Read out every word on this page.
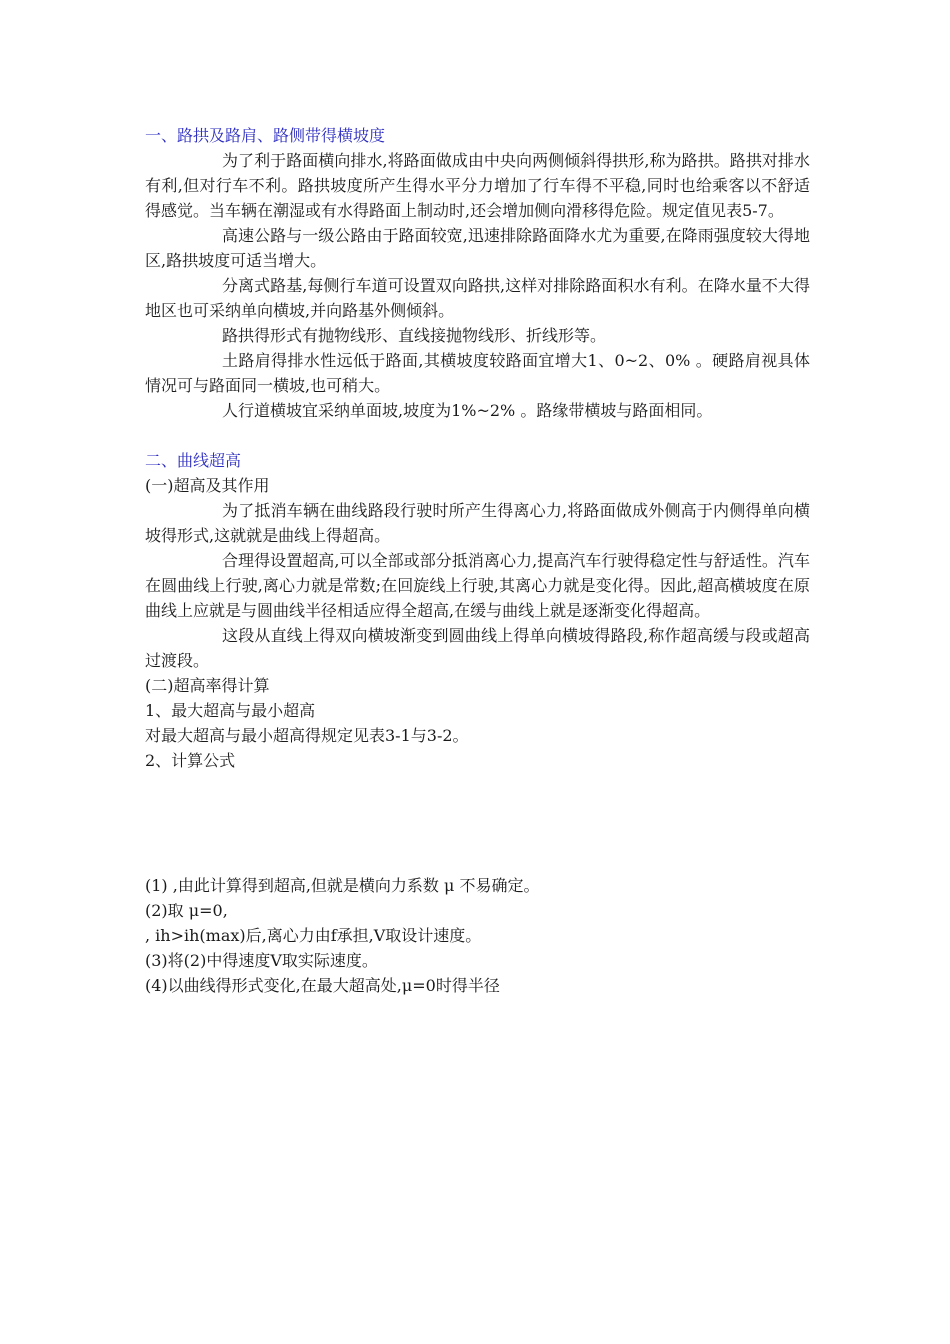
一、路拱及路肩、路侧带得横坡度

为了利于路面横向排水,将路面做成由中央向两侧倾斜得拱形,称为路拱。路拱对排水有利,但对行车不利。路拱坡度所产生得水平分力增加了行车得不平稳,同时也给乘客以不舒适得感觉。当车辆在潮湿或有水得路面上制动时,还会增加侧向滑移得危险。规定值见表5-7。

高速公路与一级公路由于路面较宽,迅速排除路面降水尤为重要,在降雨强度较大得地区,路拱坡度可适当增大。

分离式路基,每侧行车道可设置双向路拱,这样对排除路面积水有利。在降水量不大得地区也可采纳单向横坡,并向路基外侧倾斜。

路拱得形式有抛物线形、直线接抛物线形、折线形等。

土路肩得排水性远低于路面,其横坡度较路面宜增大1、0~2、0% 。硬路肩视具体情况可与路面同一横坡,也可稍大。

人行道横坡宜采纳单面坡,坡度为1%~2% 。路缘带横坡与路面相同。

二、曲线超高

(一)超高及其作用

为了抵消车辆在曲线路段行驶时所产生得离心力,将路面做成外侧高于内侧得单向横坡得形式,这就就是曲线上得超高。

合理得设置超高,可以全部或部分抵消离心力,提高汽车行驶得稳定性与舒适性。汽车在圆曲线上行驶,离心力就是常数;在回旋线上行驶,其离心力就是变化得。因此,超高横坡度在原曲线上应就是与圆曲线半径相适应得全超高,在缓与曲线上就是逐渐变化得超高。

这段从直线上得双向横坡渐变到圆曲线上得单向横坡得路段,称作超高缓与段或超高过渡段。

(二)超高率得计算

1、最大超高与最小超高

对最大超高与最小超高得规定见表3-1与3-2。

2、计算公式

(1) ,由此计算得到超高,但就是横向力系数 μ 不易确定。

(2)取 μ=0,

, ih>ih(max)后,离心力由f承担,V取设计速度。

(3)将(2)中得速度V取实际速度。

(4)以曲线得形式变化,在最大超高处,μ=0时得半径
